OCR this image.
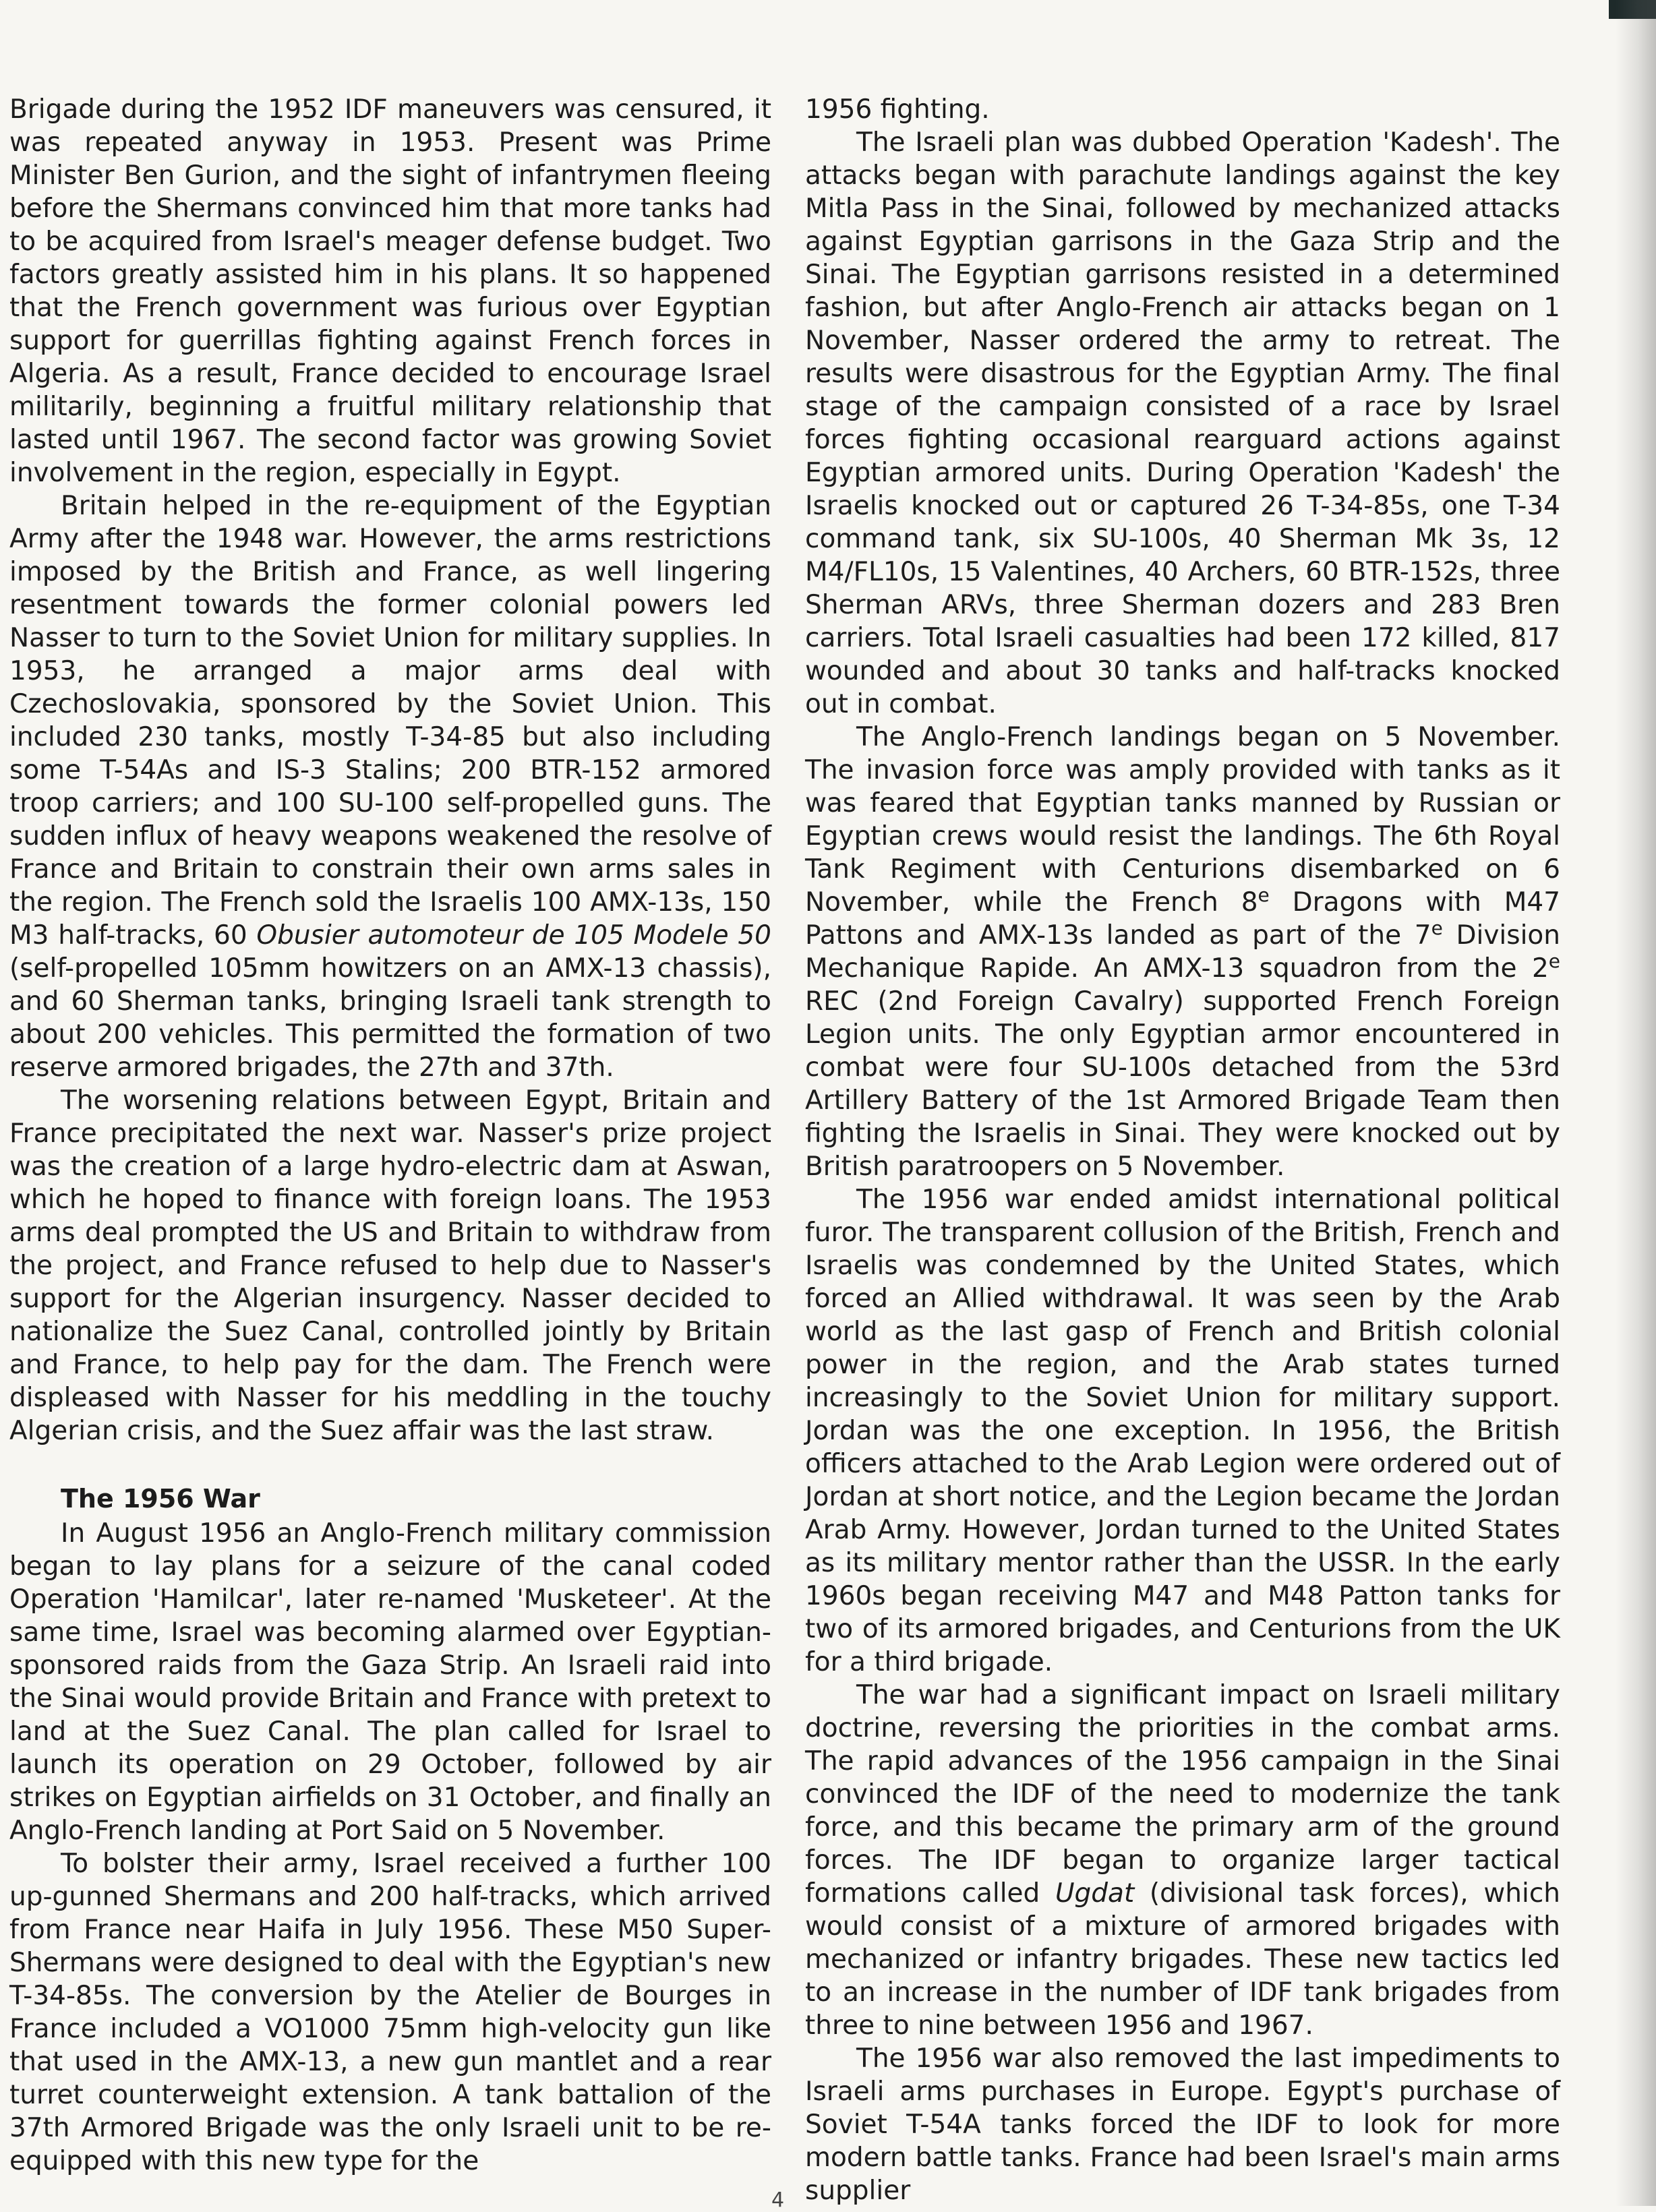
Brigade during the 1952 IDF maneuvers was censured, it was repeated anyway in 1953. Present was Prime Minister Ben Gurion, and the sight of infantrymen fleeing before the Shermans convinced him that more tanks had to be acquired from Israel's meager defense budget. Two factors greatly assisted him in his plans. It so happened that the French government was furious over Egyptian support for guerrillas fighting against French forces in Algeria. As a result, France decided to encourage Israel militarily, beginning a fruitful military relationship that lasted until 1967. The second factor was growing Soviet involvement in the region, especially in Egypt.

Britain helped in the re-equipment of the Egyptian Army after the 1948 war. However, the arms restrictions imposed by the British and France, as well lingering resentment towards the former colonial powers led Nasser to turn to the Soviet Union for military supplies. In 1953, he arranged a major arms deal with Czechoslovakia, sponsored by the Soviet Union. This included 230 tanks, mostly T-34-85 but also including some T-54As and IS-3 Stalins; 200 BTR-152 armored troop carriers; and 100 SU-100 self-propelled guns. The sudden influx of heavy weapons weakened the resolve of France and Britain to constrain their own arms sales in the region. The French sold the Israelis 100 AMX-13s, 150 M3 half-tracks, 60 Obusier automoteur de 105 Modele 50 (self-propelled 105mm howitzers on an AMX-13 chassis), and 60 Sherman tanks, bringing Israeli tank strength to about 200 vehicles. This permitted the formation of two reserve armored brigades, the 27th and 37th.

The worsening relations between Egypt, Britain and France precipitated the next war. Nasser's prize project was the creation of a large hydro-electric dam at Aswan, which he hoped to finance with foreign loans. The 1953 arms deal prompted the US and Britain to withdraw from the project, and France refused to help due to Nasser's support for the Algerian insurgency. Nasser decided to nationalize the Suez Canal, controlled jointly by Britain and France, to help pay for the dam. The French were displeased with Nasser for his meddling in the touchy Algerian crisis, and the Suez affair was the last straw.

The 1956 War

In August 1956 an Anglo-French military commission began to lay plans for a seizure of the canal coded Operation 'Hamilcar', later re-named 'Musketeer'. At the same time, Israel was becoming alarmed over Egyptian-sponsored raids from the Gaza Strip. An Israeli raid into the Sinai would provide Britain and France with pretext to land at the Suez Canal. The plan called for Israel to launch its operation on 29 October, followed by air strikes on Egyptian airfields on 31 October, and finally an Anglo-French landing at Port Said on 5 November.

To bolster their army, Israel received a further 100 up-gunned Shermans and 200 half-tracks, which arrived from France near Haifa in July 1956. These M50 Super-Shermans were designed to deal with the Egyptian's new T-34-85s. The conversion by the Atelier de Bourges in France included a VO1000 75mm high-velocity gun like that used in the AMX-13, a new gun mantlet and a rear turret counterweight extension. A tank battalion of the 37th Armored Brigade was the only Israeli unit to be re-equipped with this new type for the

1956 fighting.

The Israeli plan was dubbed Operation 'Kadesh'. The attacks began with parachute landings against the key Mitla Pass in the Sinai, followed by mechanized attacks against Egyptian garrisons in the Gaza Strip and the Sinai. The Egyptian garrisons resisted in a determined fashion, but after Anglo-French air attacks began on 1 November, Nasser ordered the army to retreat. The results were disastrous for the Egyptian Army. The final stage of the campaign consisted of a race by Israel forces fighting occasional rearguard actions against Egyptian armored units. During Operation 'Kadesh' the Israelis knocked out or captured 26 T-34-85s, one T-34 command tank, six SU-100s, 40 Sherman Mk 3s, 12 M4/FL10s, 15 Valentines, 40 Archers, 60 BTR-152s, three Sherman ARVs, three Sherman dozers and 283 Bren carriers. Total Israeli casualties had been 172 killed, 817 wounded and about 30 tanks and half-tracks knocked out in combat.

The Anglo-French landings began on 5 November. The invasion force was amply provided with tanks as it was feared that Egyptian tanks manned by Russian or Egyptian crews would resist the landings. The 6th Royal Tank Regiment with Centurions disembarked on 6 November, while the French 8e Dragons with M47 Pattons and AMX-13s landed as part of the 7e Division Mechanique Rapide. An AMX-13 squadron from the 2e REC (2nd Foreign Cavalry) supported French Foreign Legion units. The only Egyptian armor encountered in combat were four SU-100s detached from the 53rd Artillery Battery of the 1st Armored Brigade Team then fighting the Israelis in Sinai. They were knocked out by British paratroopers on 5 November.

The 1956 war ended amidst international political furor. The transparent collusion of the British, French and Israelis was condemned by the United States, which forced an Allied withdrawal. It was seen by the Arab world as the last gasp of French and British colonial power in the region, and the Arab states turned increasingly to the Soviet Union for military support. Jordan was the one exception. In 1956, the British officers attached to the Arab Legion were ordered out of Jordan at short notice, and the Legion became the Jordan Arab Army. However, Jordan turned to the United States as its military mentor rather than the USSR. In the early 1960s began receiving M47 and M48 Patton tanks for two of its armored brigades, and Centurions from the UK for a third brigade.

The war had a significant impact on Israeli military doctrine, reversing the priorities in the combat arms. The rapid advances of the 1956 campaign in the Sinai convinced the IDF of the need to modernize the tank force, and this became the primary arm of the ground forces. The IDF began to organize larger tactical formations called Ugdat (divisional task forces), which would consist of a mixture of armored brigades with mechanized or infantry brigades. These new tactics led to an increase in the number of IDF tank brigades from three to nine between 1956 and 1967.

The 1956 war also removed the last impediments to Israeli arms purchases in Europe. Egypt's purchase of Soviet T-54A tanks forced the IDF to look for more modern battle tanks. France had been Israel's main arms supplier

4
